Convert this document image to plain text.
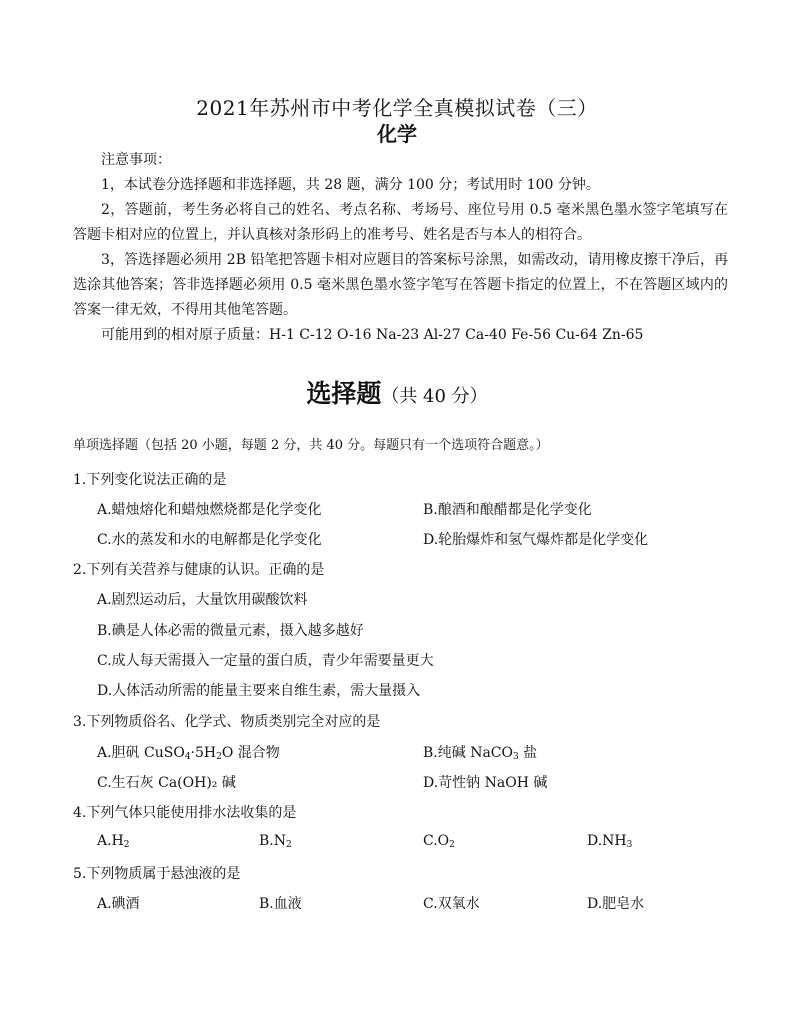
2021年苏州市中考化学全真模拟试卷（三）
化学
注意事项：

1，本试卷分选择题和非选择题，共 28 题，满分 100 分；考试用时 100 分钟。

2，答题前，考生务必将自己的姓名、考点名称、考场号、座位号用 0.5 毫米黑色墨水签字笔填写在答题卡相对应的位置上，并认真核对条形码上的准考号、姓名是否与本人的相符合。

3，答选择题必须用 2B 铅笔把答题卡相对应题目的答案标号涂黑，如需改动，请用橡皮擦干净后，再选涂其他答案；答非选择题必须用 0.5 毫米黑色墨水签字笔写在答题卡指定的位置上，不在答题区域内的答案一律无效，不得用其他笔答题。

可能用到的相对原子质量：H-1 C-12 O-16 Na-23 Al-27 Ca-40 Fe-56 Cu-64 Zn-65
选择题（共 40 分）
单项选择题（包括 20 小题，每题 2 分，共 40 分。每题只有一个选项符合题意。）
1.下列变化说法正确的是
A.蜡烛熔化和蜡烛燃烧都是化学变化	B.酿酒和酿醋都是化学变化
C.水的蒸发和水的电解都是化学变化	D.轮胎爆炸和氢气爆炸都是化学变化
2.下列有关营养与健康的认识。正确的是
A.剧烈运动后，大量饮用碳酸饮料
B.碘是人体必需的微量元素，摄入越多越好
C.成人每天需摄入一定量的蛋白质，青少年需要量更大
D.人体活动所需的能量主要来自维生素，需大量摄入
3.下列物质俗名、化学式、物质类别完全对应的是
A.胆矾 $CuSO_4\cdot 5H_2O$ 混合物	B.纯碱 NaCO$_3$ 盐
C.生石灰 Ca(OH)₂ 碱	D.苛性钠 NaOH 碱
4.下列气体只能使用排水法收集的是
$A.H_2$	$B.N_2$	$C.O_2$	$D.NH_3$
5.下列物质属于悬浊液的是
A.碘酒	B.血液	C.双氧水	D.肥皂水
